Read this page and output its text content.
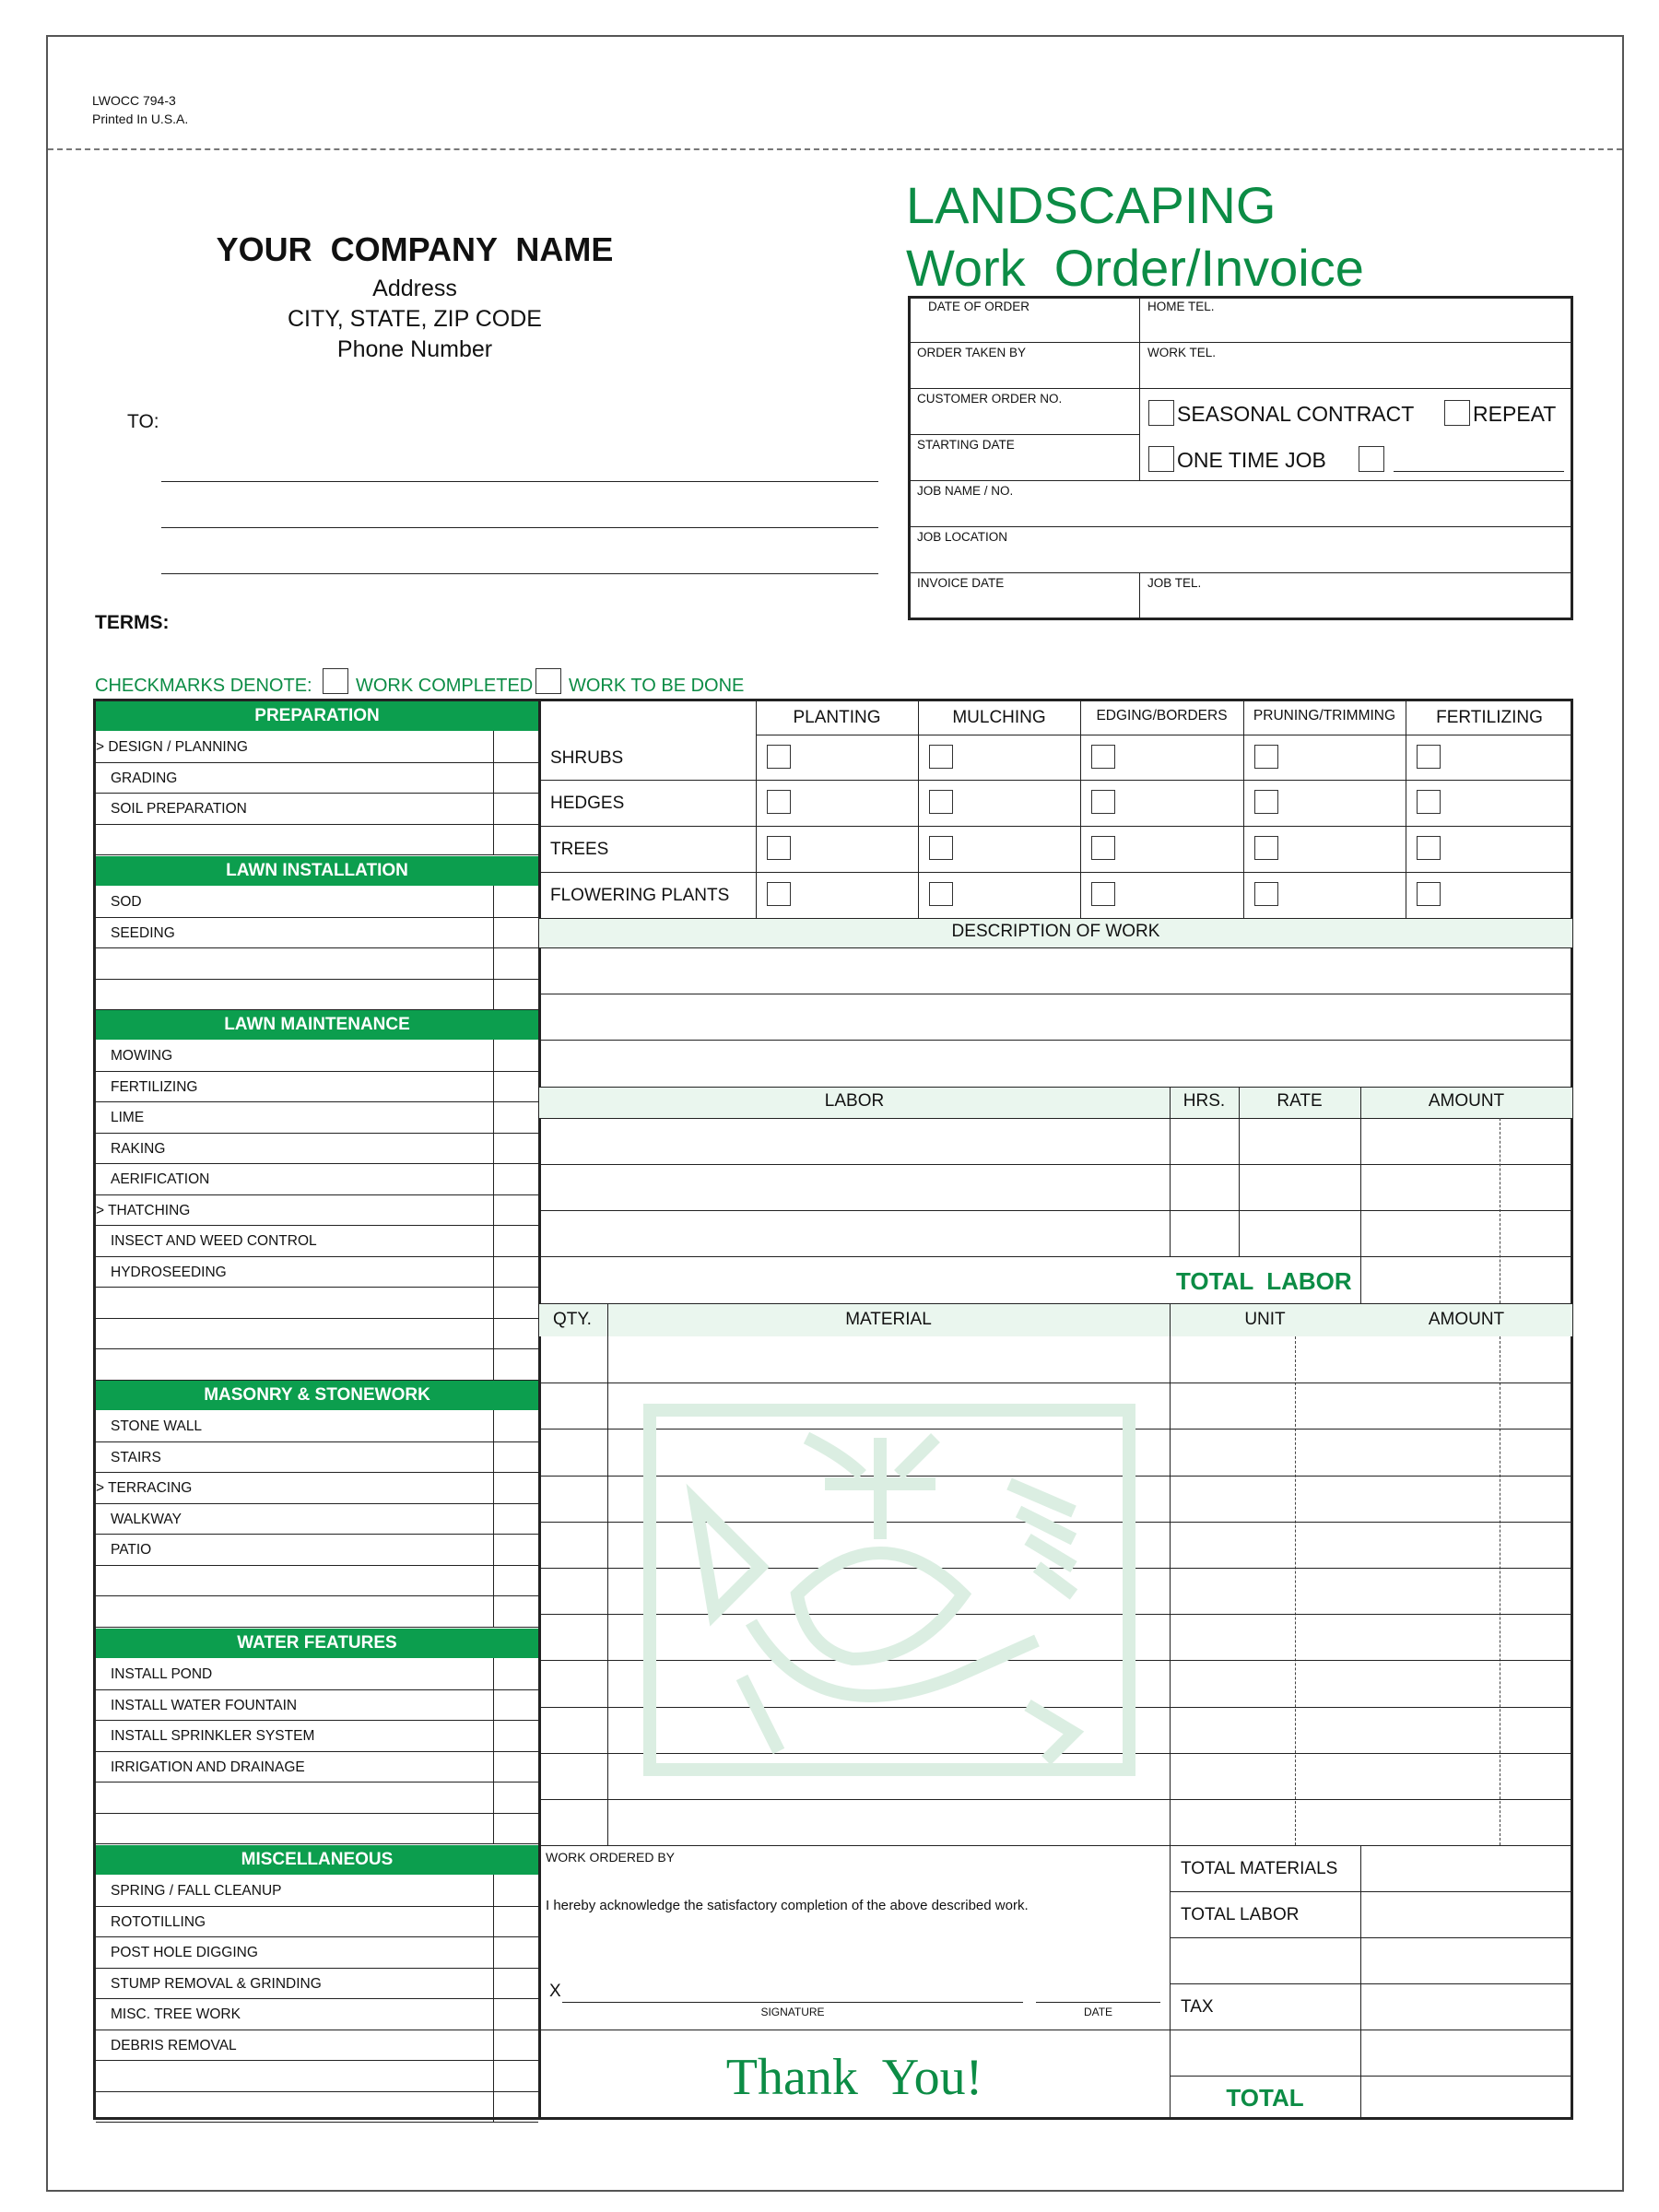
LWOCC 794-3
Printed In U.S.A.
YOUR  COMPANY  NAME
Address
CITY, STATE, ZIP CODE
Phone Number
TO:
TERMS:
LANDSCAPING
Work  Order/Invoice
DATE OF ORDER	HOME TEL.
ORDER TAKEN BY	WORK TEL.
CUSTOMER ORDER NO.
STARTING DATE
SEASONAL CONTRACT	REPEAT
ONE TIME JOB
JOB NAME / NO.
JOB LOCATION
INVOICE DATE	JOB TEL.
CHECKMARKS DENOTE: WORK COMPLETED WORK TO BE DONE
PREPARATION
> DESIGN / PLANNING
GRADING
SOIL PREPARATION
LAWN INSTALLATION
SOD
SEEDING
LAWN MAINTENANCE
MOWING
FERTILIZING
LIME
RAKING
AERIFICATION
> THATCHING
INSECT AND WEED CONTROL
HYDROSEEDING
MASONRY & STONEWORK
STONE WALL
STAIRS
> TERRACING
WALKWAY
PATIO
WATER FEATURES
INSTALL POND
INSTALL WATER FOUNTAIN
INSTALL SPRINKLER SYSTEM
IRRIGATION AND DRAINAGE
MISCELLANEOUS
SPRING / FALL CLEANUP
ROTOTILLING
POST HOLE DIGGING
STUMP REMOVAL & GRINDING
MISC. TREE WORK
DEBRIS REMOVAL
PLANTING	MULCHING	EDGING/BORDERS	PRUNING/TRIMMING	FERTILIZING
SHRUBS
HEDGES
TREES
FLOWERING PLANTS
DESCRIPTION OF WORK
LABOR	HRS.	RATE	AMOUNT
TOTAL  LABOR
QTY.	MATERIAL	UNIT	AMOUNT
WORK ORDERED BY
I hereby acknowledge the satisfactory completion of the above described work.
X
SIGNATURE	DATE
Thank  You!
TOTAL MATERIALS
TOTAL LABOR
TAX
TOTAL
